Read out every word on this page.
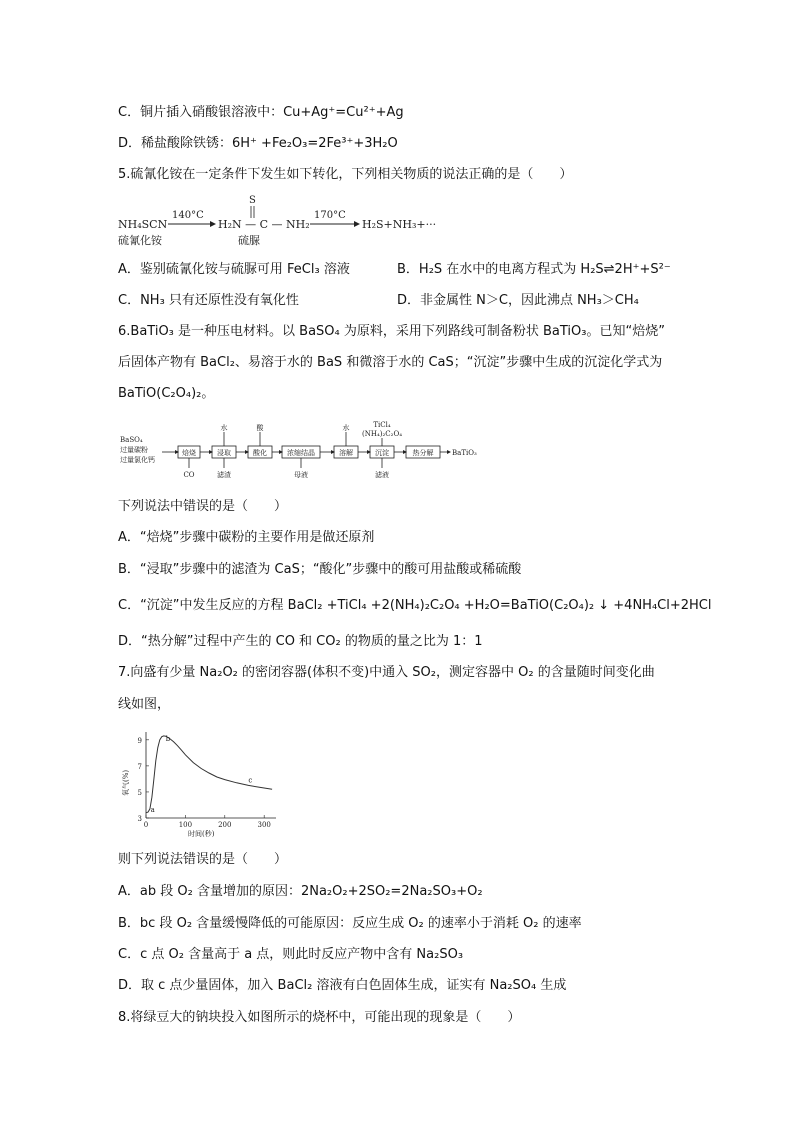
C．铜片插入硝酸银溶液中：Cu+Ag⁺=Cu²⁺+Ag
D．稀盐酸除铁锈：6H⁺ +Fe₂O₃=2Fe³⁺+3H₂O
5.硫氰化铵在一定条件下发生如下转化，下列相关物质的说法正确的是（　　）
NH₄SCN
硫氰化铵
140°C
S
H₂N — C — NH₂
硫脲
170°C
H₂S+NH₃+···
A．鉴别硫氰化铵与硫脲可用 FeCl₃ 溶液	B．H₂S 在水中的电离方程式为 H₂S⇌2H⁺+S²⁻
C．NH₃ 只有还原性没有氧化性	D．非金属性 N＞C，因此沸点 NH₃＞CH₄
6.BaTiO₃ 是一种压电材料。以 BaSO₄ 为原料，采用下列路线可制备粉状 BaTiO₃。已知“焙烧”
后固体产物有 BaCl₂、易溶于水的 BaS 和微溶于水的 CaS；“沉淀”步骤中生成的沉淀化学式为
BaTiO(C₂O₄)₂。
BaSO₄
过量碳粉
过量氯化钙
焙烧	浸取	酸化	浓缩结晶	溶解	沉淀	热分解
水	酸	水	TiCl₄
(NH₄)₂C₂O₄
CO	滤渣	母液	滤液
BaTiO₃
下列说法中错误的是（　　）
A．“焙烧”步骤中碳粉的主要作用是做还原剂
B．“浸取”步骤中的滤渣为 CaS；“酸化”步骤中的酸可用盐酸或稀硫酸
C．“沉淀”中发生反应的方程 BaCl₂ +TiCl₄ +2(NH₄)₂C₂O₄ +H₂O=BaTiO(C₂O₄)₂ ↓ +4NH₄Cl+2HCl
D．“热分解”过程中产生的 CO 和 CO₂ 的物质的量之比为 1：1
7.向盛有少量 Na₂O₂ 的密闭容器(体积不变)中通入 SO₂，测定容器中 O₂ 的含量随时间变化曲
线如图，
氧气(%)
时间(秒)
3
5
7
9
0	100	200	300
a
b
c
则下列说法错误的是（　　）
A．ab 段 O₂ 含量增加的原因：2Na₂O₂+2SO₂=2Na₂SO₃+O₂
B．bc 段 O₂ 含量缓慢降低的可能原因：反应生成 O₂ 的速率小于消耗 O₂ 的速率
C．c 点 O₂ 含量高于 a 点，则此时反应产物中含有 Na₂SO₃
D．取 c 点少量固体，加入 BaCl₂ 溶液有白色固体生成，证实有 Na₂SO₄ 生成
8.将绿豆大的钠块投入如图所示的烧杯中，可能出现的现象是（　　）
